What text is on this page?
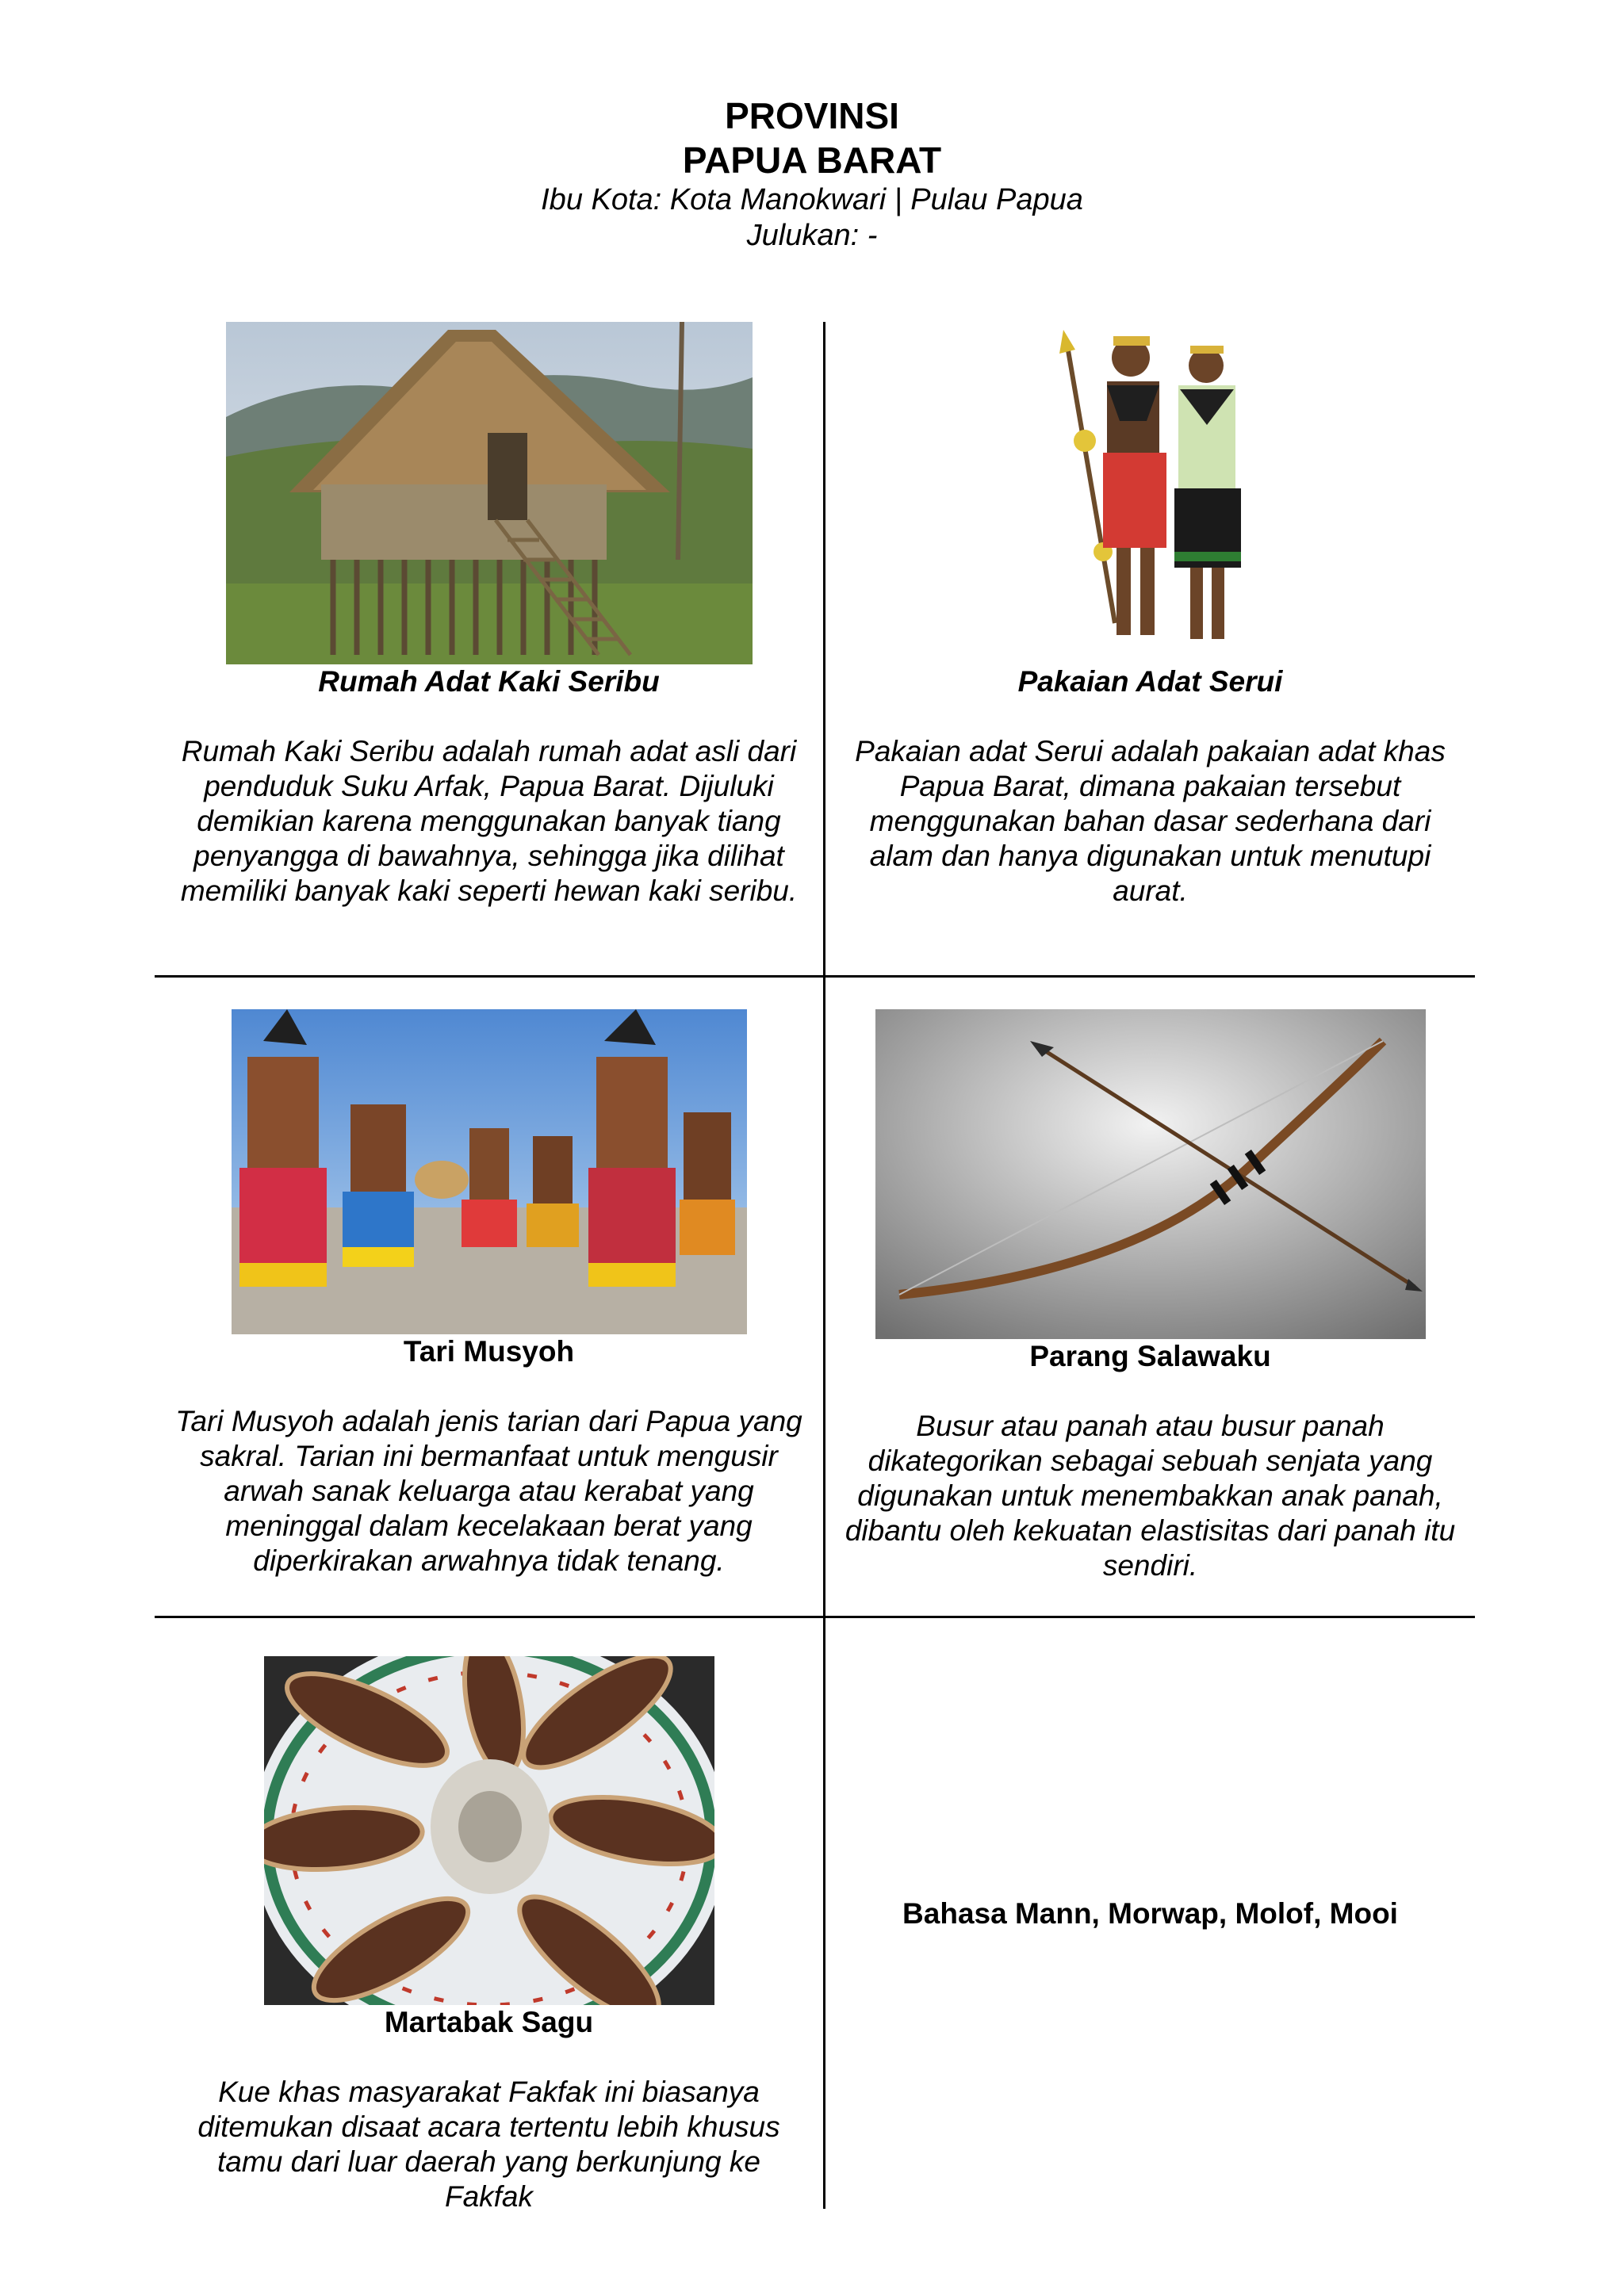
PROVINSI

PAPUA BARAT

Ibu Kota: Kota Manokwari | Pulau Papua

Julukan: -

Rumah Adat Kaki Seribu

Rumah Kaki Seribu adalah rumah adat asli dari penduduk Suku Arfak, Papua Barat. Dijuluki demikian karena menggunakan banyak tiang penyangga di bawahnya, sehingga jika dilihat memiliki banyak kaki seperti hewan kaki seribu.

Pakaian Adat Serui

Pakaian adat Serui adalah pakaian adat khas Papua Barat, dimana pakaian tersebut menggunakan bahan dasar sederhana dari alam dan hanya digunakan untuk menutupi aurat.

Tari Musyoh

Tari Musyoh adalah jenis tarian dari Papua yang sakral. Tarian ini bermanfaat untuk mengusir arwah sanak keluarga atau kerabat yang meninggal dalam kecelakaan berat yang diperkirakan arwahnya tidak tenang.

Parang Salawaku

Busur atau panah atau busur panah dikategorikan sebagai sebuah senjata yang digunakan untuk menembakkan anak panah, dibantu oleh kekuatan elastisitas dari panah itu sendiri.

Martabak Sagu

Kue khas masyarakat Fakfak ini biasanya ditemukan disaat acara tertentu lebih khusus tamu dari luar daerah yang berkunjung ke Fakfak

Bahasa Mann, Morwap, Molof, Mooi
